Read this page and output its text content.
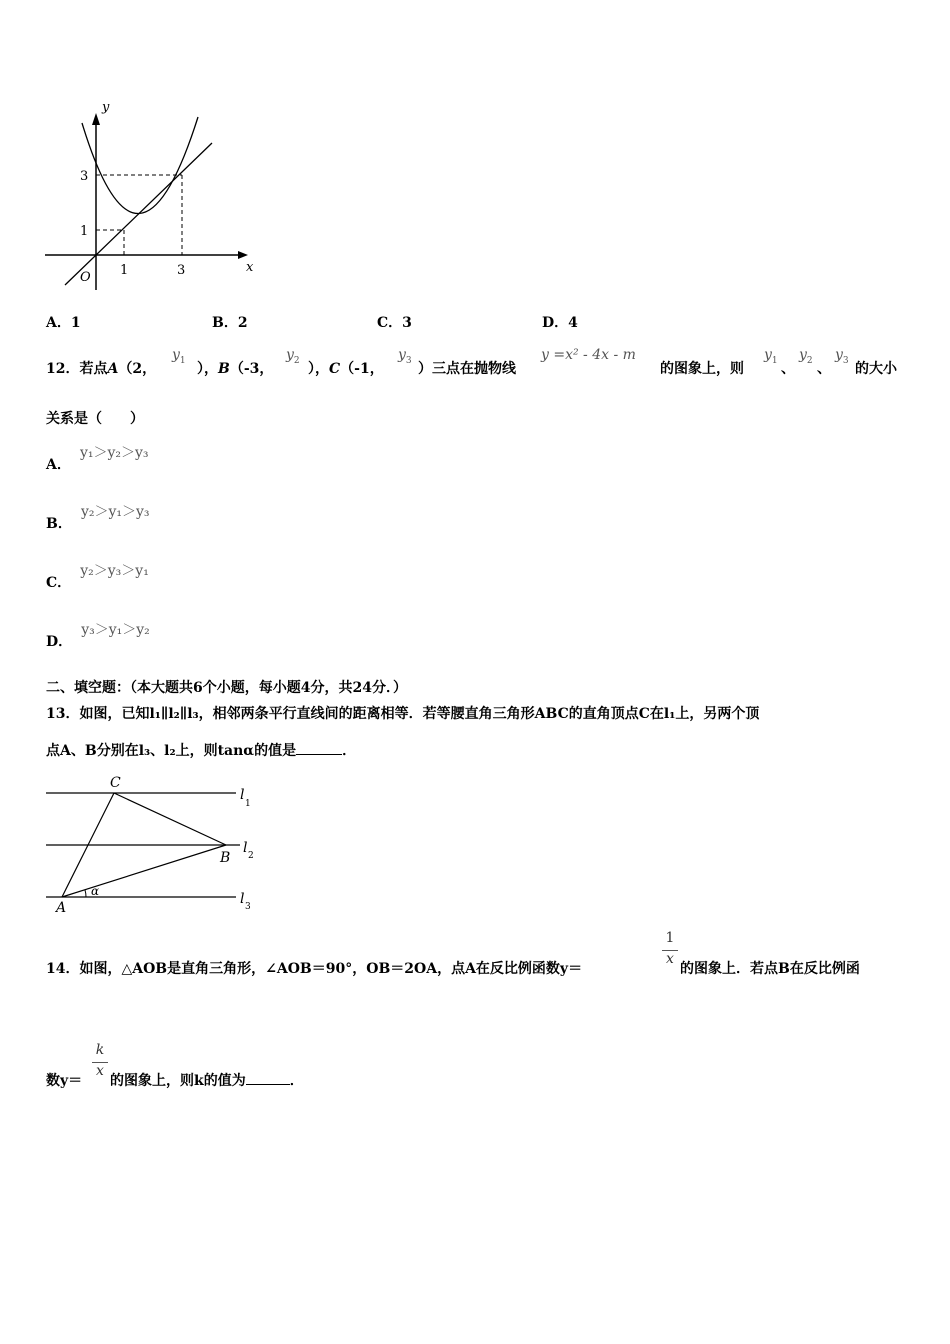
x
y
O 1	3
1
3
A．1	B．2	C．3	D．4
12．若点A（2，
$y_1$
），B（-3，
$y_2$
），C（-1，
$y_3$
）三点在抛物线
y =x² - 4x - m
的图象上，则
$y_1$
、
$y_2$
、
$y_3$
的大小
关系是（　　）
A． y₁＞y₂＞y₃
B． y₂＞y₁＞y₃
C． y₂＞y₃＞y₁
D． y₃＞y₁＞y₂
二、填空题：（本大题共6个小题，每小题4分，共24分．）
13．如图，已知l₁∥l₂∥l₃，相邻两条平行直线间的距离相等．若等腰直角三角形ABC的直角顶点C在l₁上，另两个顶
点A、B分别在l₃、l₂上，则tanα的值是	．
C
B
A
α
l
1
l 2
l 3
14．如图，△AOB是直角三角形，∠AOB＝90°，OB＝2OA，点A在反比例函数y＝
1
x
的图象上．若点B在反比例函
数y＝
k
x
的图象上，则k的值为	．
